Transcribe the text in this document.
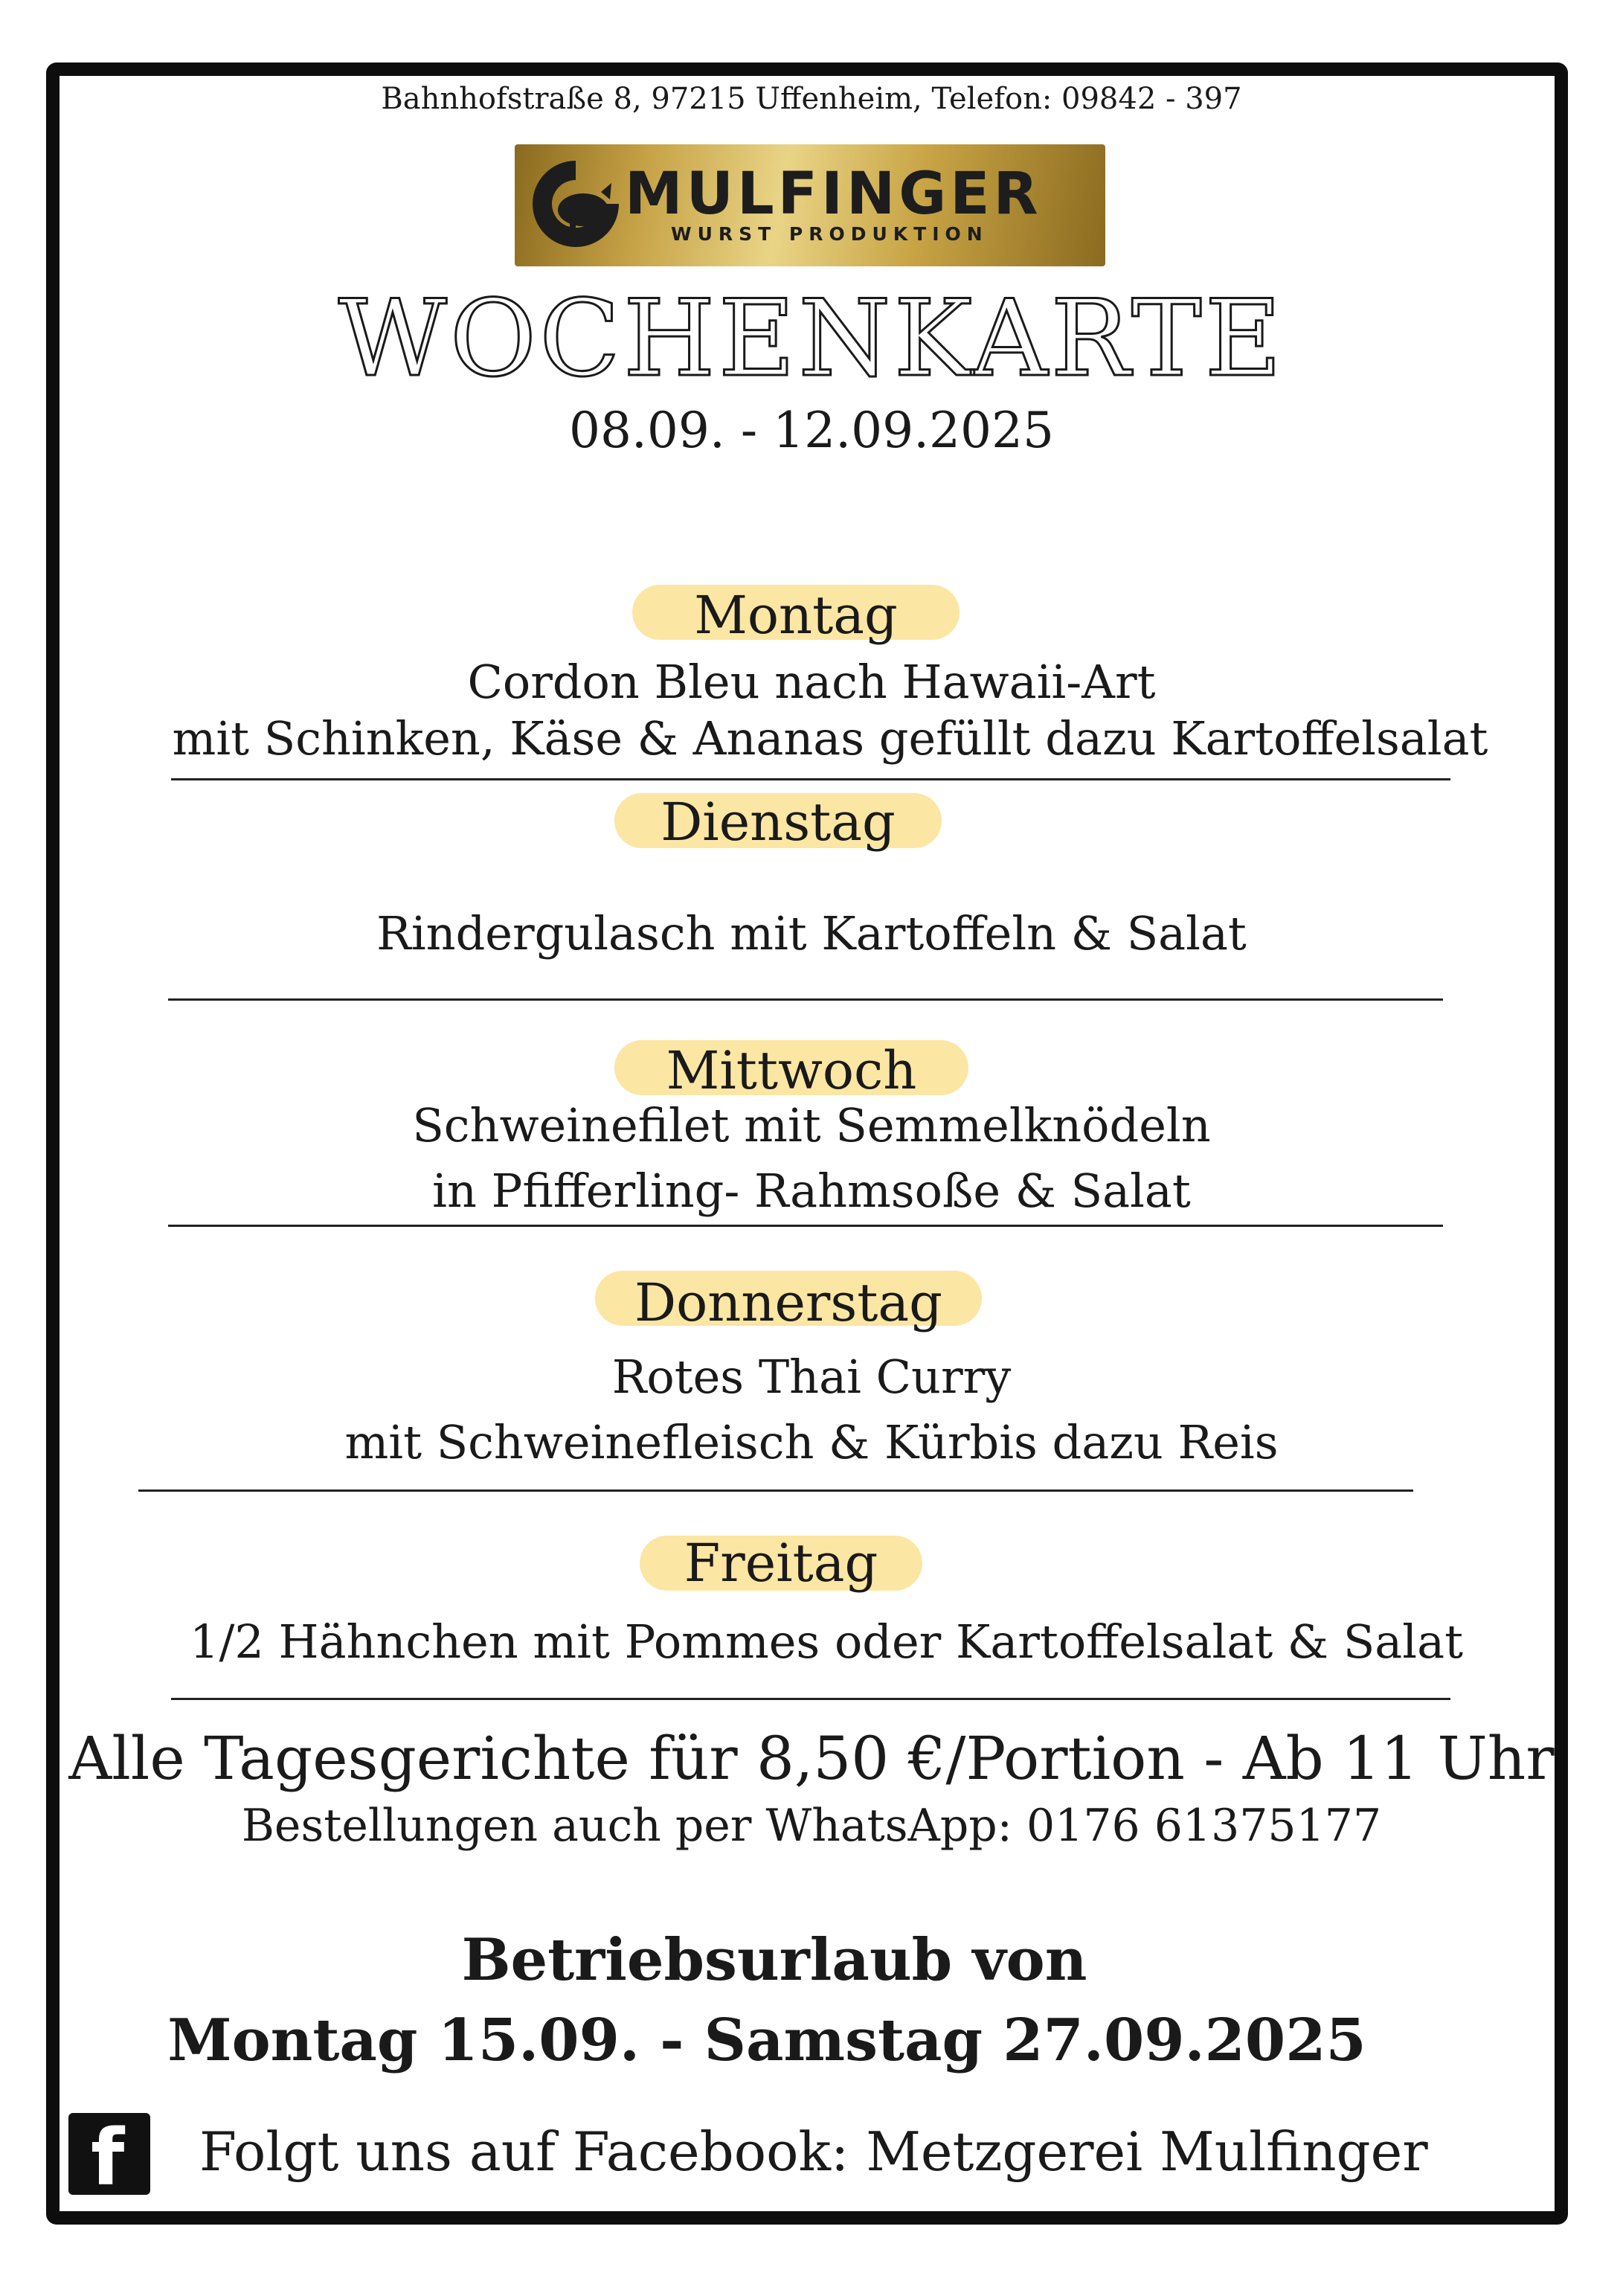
Bahnhofstraße 8, 97215 Uffenheim, Telefon: 09842 - 397
MULFINGER
WURST PRODUKTION
WOCHENKARTE
08.09. - 12.09.2025
Montag
Cordon Bleu nach Hawaii-Art
mit Schinken, Käse & Ananas gefüllt dazu Kartoffelsalat
Dienstag
Rindergulasch mit Kartoffeln & Salat
Mittwoch
Schweinefilet mit Semmelknödeln
in Pfifferling- Rahmsoße & Salat
Donnerstag
Rotes Thai Curry
mit Schweinefleisch & Kürbis dazu Reis
Freitag
1/2 Hähnchen mit Pommes oder Kartoffelsalat & Salat
Alle Tagesgerichte für 8,50 €/Portion - Ab 11 Uhr
Bestellungen auch per WhatsApp: 0176 61375177
Betriebsurlaub von
Montag 15.09. - Samstag 27.09.2025
f Folgt uns auf Facebook: Metzgerei Mulfinger
